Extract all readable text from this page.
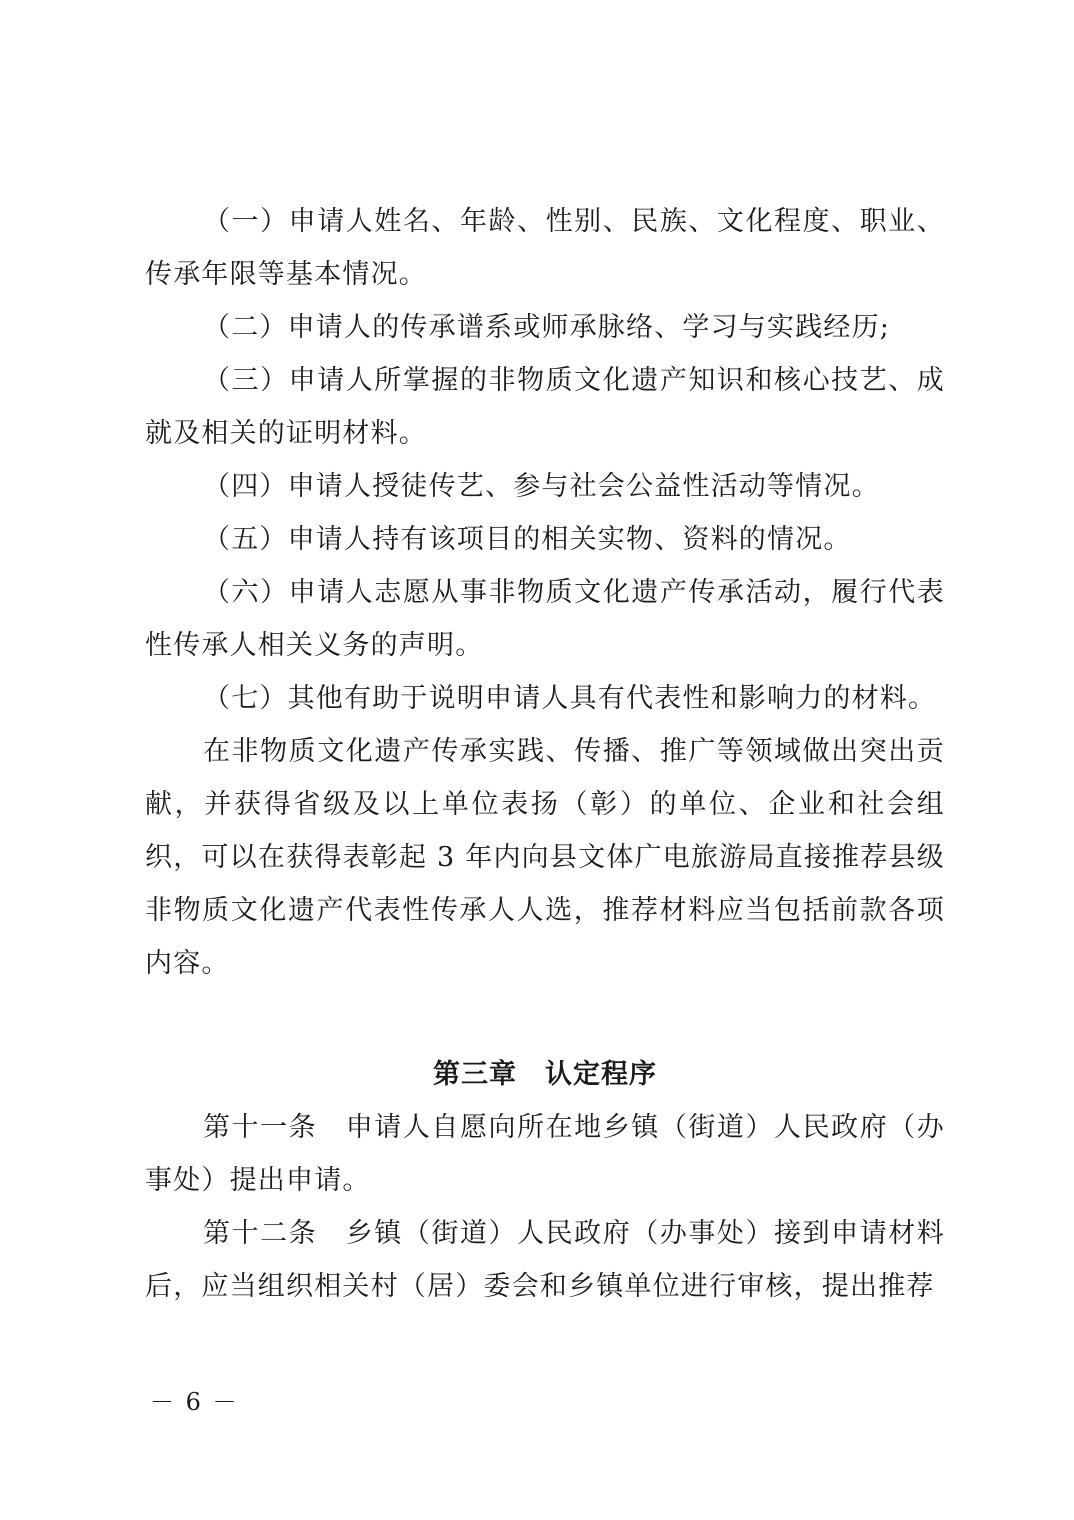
（一）申请人姓名、年龄、性别、民族、文化程度、职业、传承年限等基本情况。

（二）申请人的传承谱系或师承脉络、学习与实践经历;

（三）申请人所掌握的非物质文化遗产知识和核心技艺、成就及相关的证明材料。

（四）申请人授徒传艺、参与社会公益性活动等情况。

（五）申请人持有该项目的相关实物、资料的情况。

（六）申请人志愿从事非物质文化遗产传承活动，履行代表性传承人相关义务的声明。

（七）其他有助于说明申请人具有代表性和影响力的材料。

在非物质文化遗产传承实践、传播、推广等领域做出突出贡献，并获得省级及以上单位表扬（彰）的单位、企业和社会组织，可以在获得表彰起 3 年内向县文体广电旅游局直接推荐县级非物质文化遗产代表性传承人人选，推荐材料应当包括前款各项内容。

第三章　认定程序

第十一条　申请人自愿向所在地乡镇（街道）人民政府（办事处）提出申请。

第十二条　乡镇（街道）人民政府（办事处）接到申请材料后，应当组织相关村（居）委会和乡镇单位进行审核，提出推荐

－ 6 －
